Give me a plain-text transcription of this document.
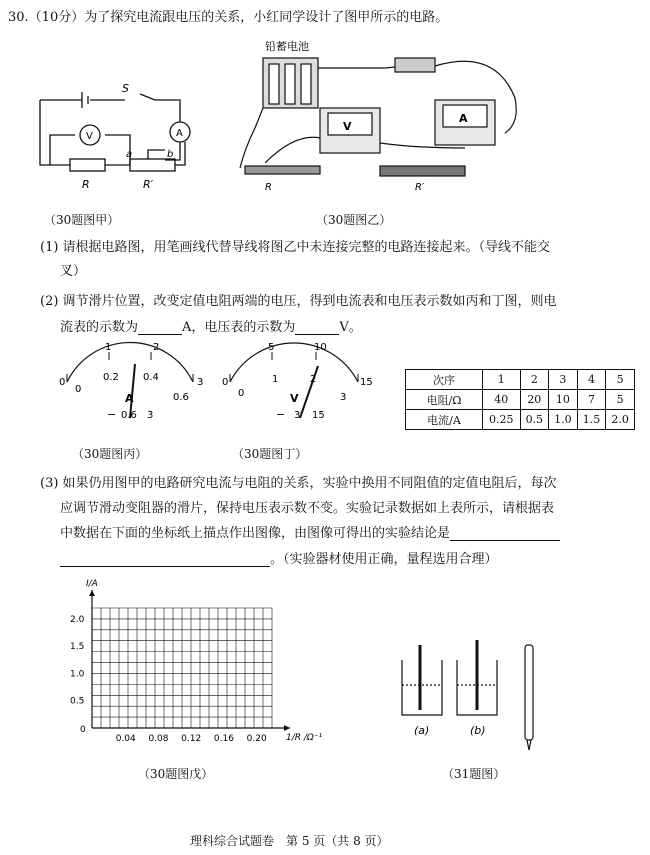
30.（10分）为了探究电流跟电压的关系，小红同学设计了图甲所示的电路。
S
A
V
R	R′
a	b
（30题图甲）
V
A
铅蓄电池
R	R′
（30题图乙）
(1) 请根据电路图，用笔画线代替导线将图乙中未连接完整的电路连接起来。（导线不能交
叉）
(2) 调节滑片位置，改变定值电阻两端的电压，得到电流表和电压表示数如丙和丁图，则电
流表的示数为	A，电压表的示数为	V。
0
1	2
3
0
0.2 0.4
0.6
A
− 0.6 3
（30题图丙）
0
5	10
15
0
1	2
3
V
− 3 15
（30题图丁）
次序	1	2	3	4	5
电阻/Ω	40	20	10	7	5
电流/A	0.25	0.5	1.0	1.5	2.0
(3) 如果仍用图甲的电路研究电流与电阻的关系，实验中换用不同阻值的定值电阻后，每次
应调节滑动变阻器的滑片，保持电压表示数不变。实验记录数据如上表所示，请根据表
中数据在下面的坐标纸上描点作出图像，由图像可得出的实验结论是
。（实验器材使用正确，量程选用合理）
0.04 0.08 0.12 0.16 0.20
0.5
1.0
1.5
2.0
0
I/A
1/R /Ω⁻¹
（30题图戊）
(a)	(b)
（31题图）
理科综合试题卷　第 5 页（共 8 页）
